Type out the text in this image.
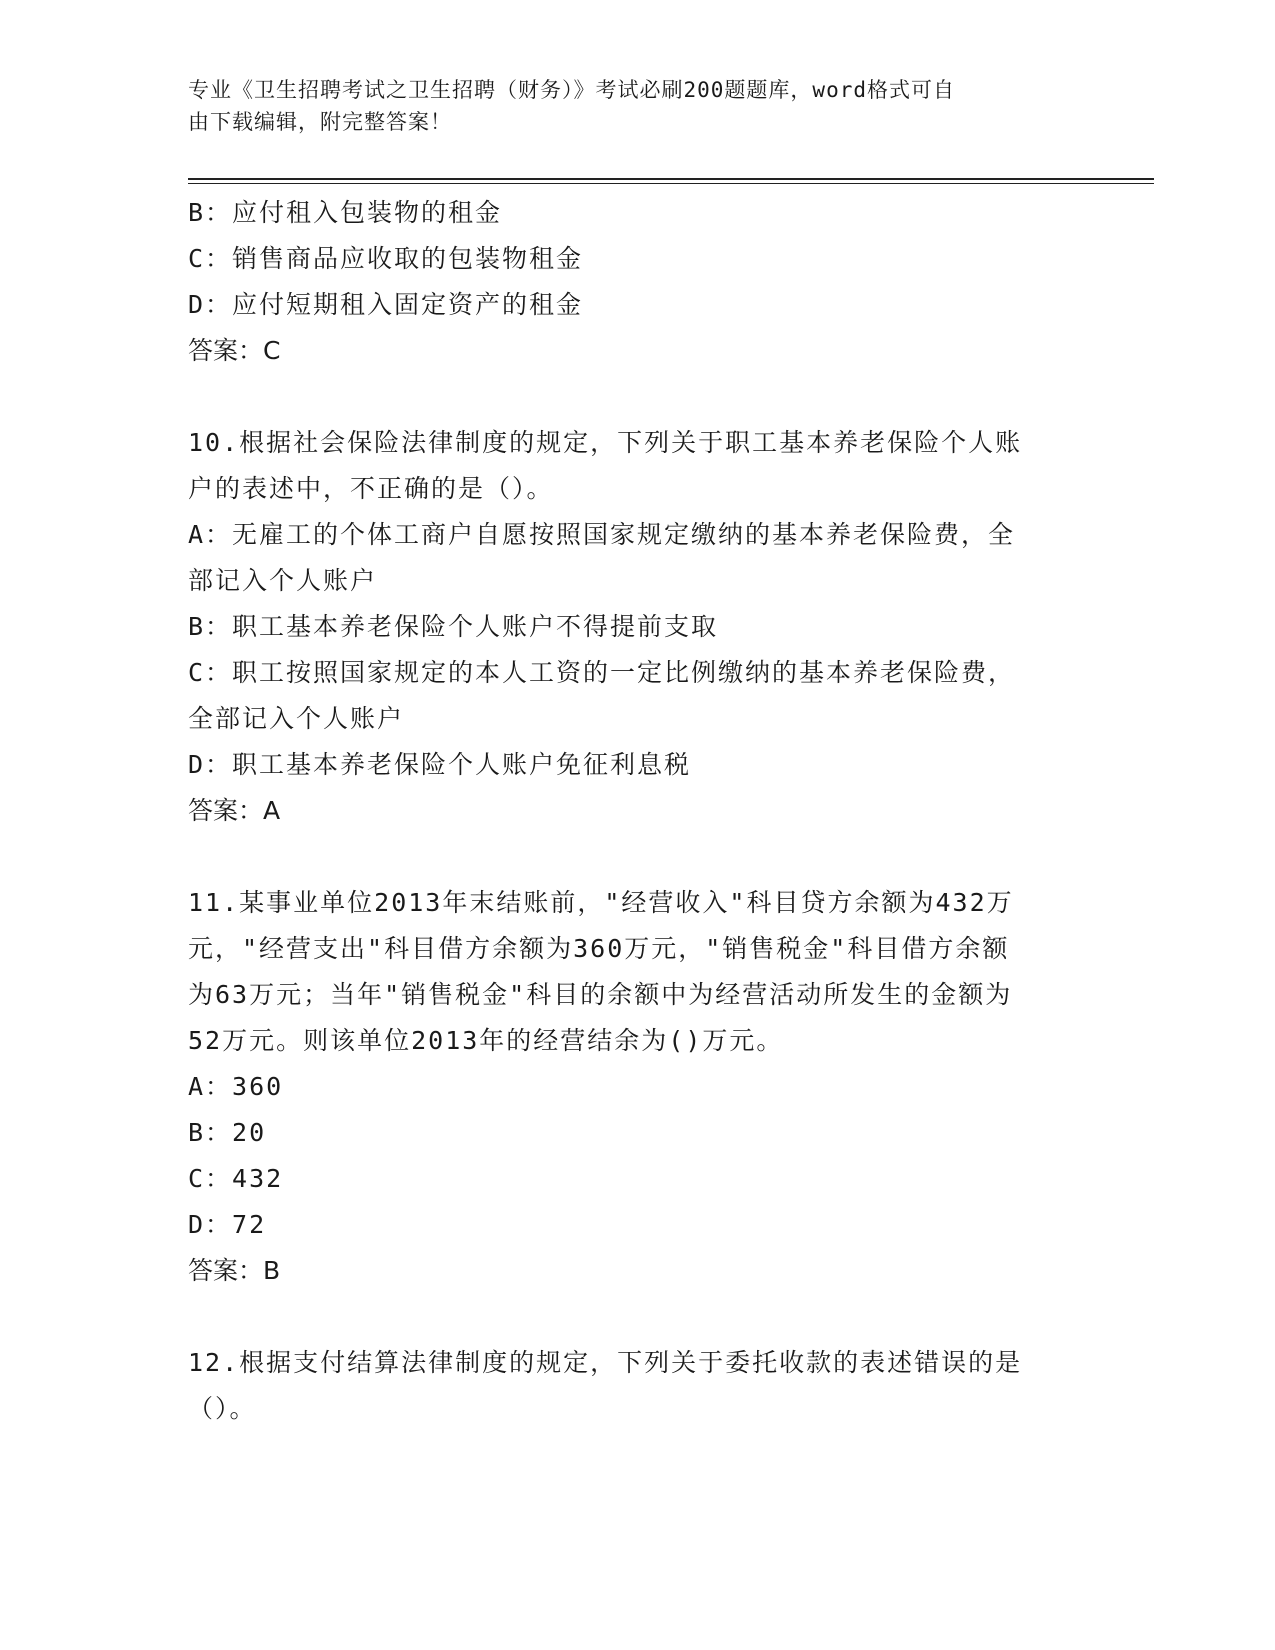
专业《卫生招聘考试之卫生招聘（财务）》考试必刷200题题库，word格式可自
由下载编辑，附完整答案！
B：应付租入包装物的租金
C：销售商品应收取的包装物租金
D：应付短期租入固定资产的租金
答案：C
10.根据社会保险法律制度的规定，下列关于职工基本养老保险个人账
户的表述中，不正确的是（）。
A：无雇工的个体工商户自愿按照国家规定缴纳的基本养老保险费，全
部记入个人账户
B：职工基本养老保险个人账户不得提前支取
C：职工按照国家规定的本人工资的一定比例缴纳的基本养老保险费，
全部记入个人账户
D：职工基本养老保险个人账户免征利息税
答案：A
11.某事业单位2013年末结账前，"经营收入"科目贷方余额为432万
元，"经营支出"科目借方余额为360万元，"销售税金"科目借方余额
为63万元；当年"销售税金"科目的余额中为经营活动所发生的金额为
52万元。则该单位2013年的经营结余为()万元。
A：360
B：20
C：432
D：72
答案：B
12.根据支付结算法律制度的规定，下列关于委托收款的表述错误的是
（）。
